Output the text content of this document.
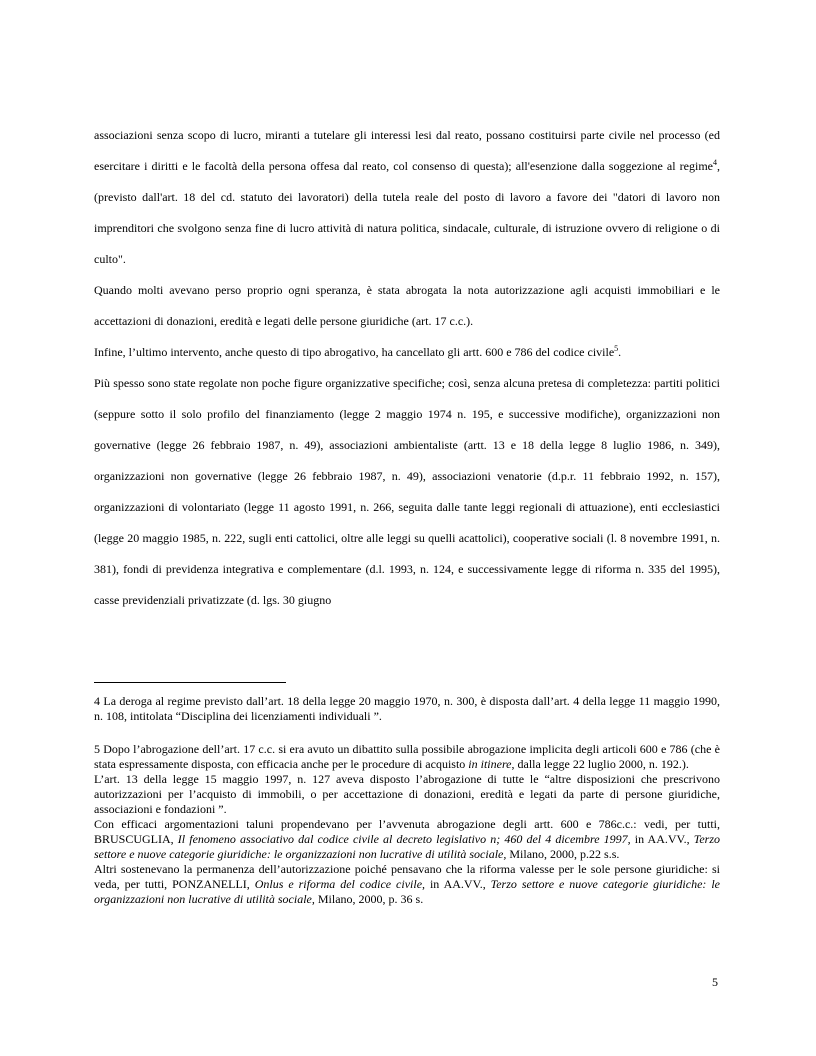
associazioni senza scopo di lucro, miranti a tutelare gli interessi lesi dal reato, possano costituirsi parte civile nel processo (ed esercitare i diritti e le facoltà della persona offesa dal reato, col consenso di questa); all'esenzione dalla soggezione al regime$^4$, (previsto dall'art. 18 del cd. statuto dei lavoratori) della tutela reale del posto di lavoro a favore dei "datori di lavoro non imprenditori che svolgono senza fine di lucro attività di natura politica, sindacale, culturale, di istruzione ovvero di religione o di culto".

Quando molti avevano perso proprio ogni speranza, è stata abrogata la nota autorizzazione agli acquisti immobiliari e le accettazioni di donazioni, eredità e legati delle persone giuridiche (art. 17 c.c.).

Infine, l’ultimo intervento, anche questo di tipo abrogativo, ha cancellato gli artt. 600 e 786 del codice civile$^5$.

Più spesso sono state regolate non poche figure organizzative specifiche; così, senza alcuna pretesa di completezza: partiti politici (seppure sotto il solo profilo del finanziamento (legge 2 maggio 1974 n. 195, e successive modifiche), organizzazioni non governative (legge 26 febbraio 1987, n. 49), associazioni ambientaliste (artt. 13 e 18 della legge 8 luglio 1986, n. 349), organizzazioni non governative (legge 26 febbraio 1987, n. 49), associazioni venatorie (d.p.r. 11 febbraio 1992, n. 157), organizzazioni di volontariato (legge 11 agosto 1991, n. 266, seguita dalle tante leggi regionali di attuazione), enti ecclesiastici (legge 20 maggio 1985, n. 222, sugli enti cattolici, oltre alle leggi su quelli acattolici), cooperative sociali (l. 8 novembre 1991, n. 381), fondi di previdenza integrativa e complementare (d.l. 1993, n. 124, e successivamente legge di riforma n. 335 del 1995), casse previdenziali privatizzate (d. lgs. 30 giugno

4 La deroga al regime previsto dall’art. 18 della legge 20 maggio 1970, n. 300, è disposta dall’art. 4 della legge 11 maggio 1990, n. 108, intitolata “Disciplina dei licenziamenti individuali ”.

5 Dopo l’abrogazione dell’art. 17 c.c. si era avuto un dibattito sulla possibile abrogazione implicita degli articoli 600 e 786 (che è stata espressamente disposta, con efficacia anche per le procedure di acquisto in itinere, dalla legge 22 luglio 2000, n. 192.).

L’art. 13 della legge 15 maggio 1997, n. 127 aveva disposto l’abrogazione di tutte le “altre disposizioni che prescrivono autorizzazioni per l’acquisto di immobili, o per accettazione di donazioni, eredità e legati da parte di persone giuridiche, associazioni e fondazioni ”.

Con efficaci argomentazioni taluni propendevano per l’avvenuta abrogazione degli artt. 600 e 786c.c.: vedi, per tutti, BRUSCUGLIA, Il fenomeno associativo dal codice civile al decreto legislativo n; 460 del 4 dicembre 1997, in AA.VV., Terzo settore e nuove categorie giuridiche: le organizzazioni non lucrative di utilità sociale, Milano, 2000, p.22 s.s.

Altri sostenevano la permanenza dell’autorizzazione poiché pensavano che la riforma valesse per le sole persone giuridiche: si veda, per tutti, PONZANELLI, Onlus e riforma del codice civile, in AA.VV., Terzo settore e nuove categorie giuridiche: le organizzazioni non lucrative di utilità sociale, Milano, 2000, p. 36 s.

5
